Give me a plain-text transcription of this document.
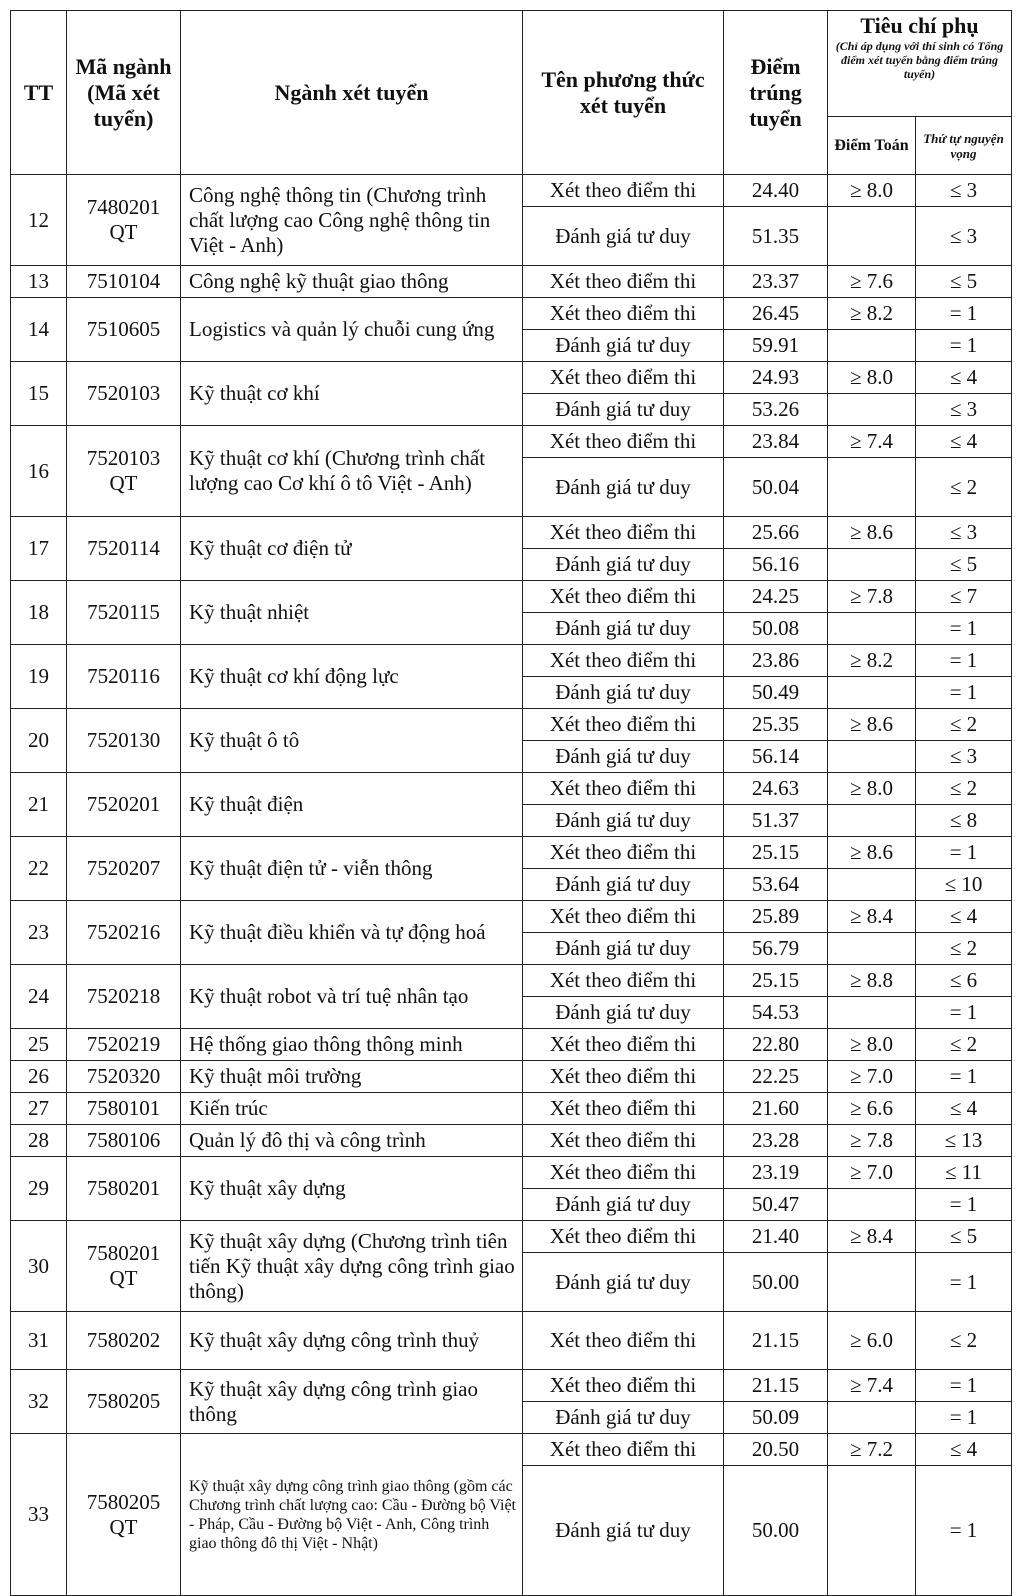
TT	Mã ngành (Mã xét tuyển)	Ngành xét tuyển	Tên phương thức xét tuyển	Điểm trúng tuyển	Tiêu chí phụ
(Chỉ áp dụng với thí sinh có Tổng điểm xét tuyển bằng điểm trúng tuyển)	

					Điểm Toán	Thứ tự nguyện vọng
12	7480201 QT	Công nghệ thông tin (Chương trình chất lượng cao Công nghệ thông tin Việt - Anh)	Xét theo điểm thi	24.40	≥ 8.0	≤ 3
			Đánh giá tư duy	51.35		≤ 3
13	7510104	Công nghệ kỹ thuật giao thông	Xét theo điểm thi	23.37	≥ 7.6	≤ 5
14	7510605	Logistics và quản lý chuỗi cung ứng	Xét theo điểm thi	26.45	≥ 8.2	= 1
			Đánh giá tư duy	59.91		= 1
15	7520103	Kỹ thuật cơ khí	Xét theo điểm thi	24.93	≥ 8.0	≤ 4
			Đánh giá tư duy	53.26		≤ 3
16	7520103 QT	Kỹ thuật cơ khí (Chương trình chất lượng cao Cơ khí ô tô Việt - Anh)	Xét theo điểm thi	23.84	≥ 7.4	≤ 4
			Đánh giá tư duy	50.04		≤ 2
17	7520114	Kỹ thuật cơ điện tử	Xét theo điểm thi	25.66	≥ 8.6	≤ 3
			Đánh giá tư duy	56.16		≤ 5
18	7520115	Kỹ thuật nhiệt	Xét theo điểm thi	24.25	≥ 7.8	≤ 7
			Đánh giá tư duy	50.08		= 1
19	7520116	Kỹ thuật cơ khí động lực	Xét theo điểm thi	23.86	≥ 8.2	= 1
			Đánh giá tư duy	50.49		= 1
20	7520130	Kỹ thuật ô tô	Xét theo điểm thi	25.35	≥ 8.6	≤ 2
			Đánh giá tư duy	56.14		≤ 3
21	7520201	Kỹ thuật điện	Xét theo điểm thi	24.63	≥ 8.0	≤ 2
			Đánh giá tư duy	51.37		≤ 8
22	7520207	Kỹ thuật điện tử - viễn thông	Xét theo điểm thi	25.15	≥ 8.6	= 1
			Đánh giá tư duy	53.64		≤ 10
23	7520216	Kỹ thuật điều khiển và tự động hoá	Xét theo điểm thi	25.89	≥ 8.4	≤ 4
			Đánh giá tư duy	56.79		≤ 2
24	7520218	Kỹ thuật robot và trí tuệ nhân tạo	Xét theo điểm thi	25.15	≥ 8.8	≤ 6
			Đánh giá tư duy	54.53		= 1
25	7520219	Hệ thống giao thông thông minh	Xét theo điểm thi	22.80	≥ 8.0	≤ 2
26	7520320	Kỹ thuật môi trường	Xét theo điểm thi	22.25	≥ 7.0	= 1
27	7580101	Kiến trúc	Xét theo điểm thi	21.60	≥ 6.6	≤ 4
28	7580106	Quản lý đô thị và công trình	Xét theo điểm thi	23.28	≥ 7.8	≤ 13
29	7580201	Kỹ thuật xây dựng	Xét theo điểm thi	23.19	≥ 7.0	≤ 11
			Đánh giá tư duy	50.47		= 1
30	7580201 QT	Kỹ thuật xây dựng (Chương trình tiên tiến Kỹ thuật xây dựng công trình giao thông)	Xét theo điểm thi	21.40	≥ 8.4	≤ 5
			Đánh giá tư duy	50.00		= 1
31	7580202	Kỹ thuật xây dựng công trình thuỷ	Xét theo điểm thi	21.15	≥ 6.0	≤ 2
32	7580205	Kỹ thuật xây dựng công trình giao thông	Xét theo điểm thi	21.15	≥ 7.4	= 1
			Đánh giá tư duy	50.09		= 1
33	7580205 QT	Kỹ thuật xây dựng công trình giao thông (gồm các Chương trình chất lượng cao: Cầu - Đường bộ Việt - Pháp, Cầu - Đường bộ Việt - Anh, Công trình giao thông đô thị Việt - Nhật)	Xét theo điểm thi	20.50	≥ 7.2	≤ 4
			Đánh giá tư duy	50.00		= 1
